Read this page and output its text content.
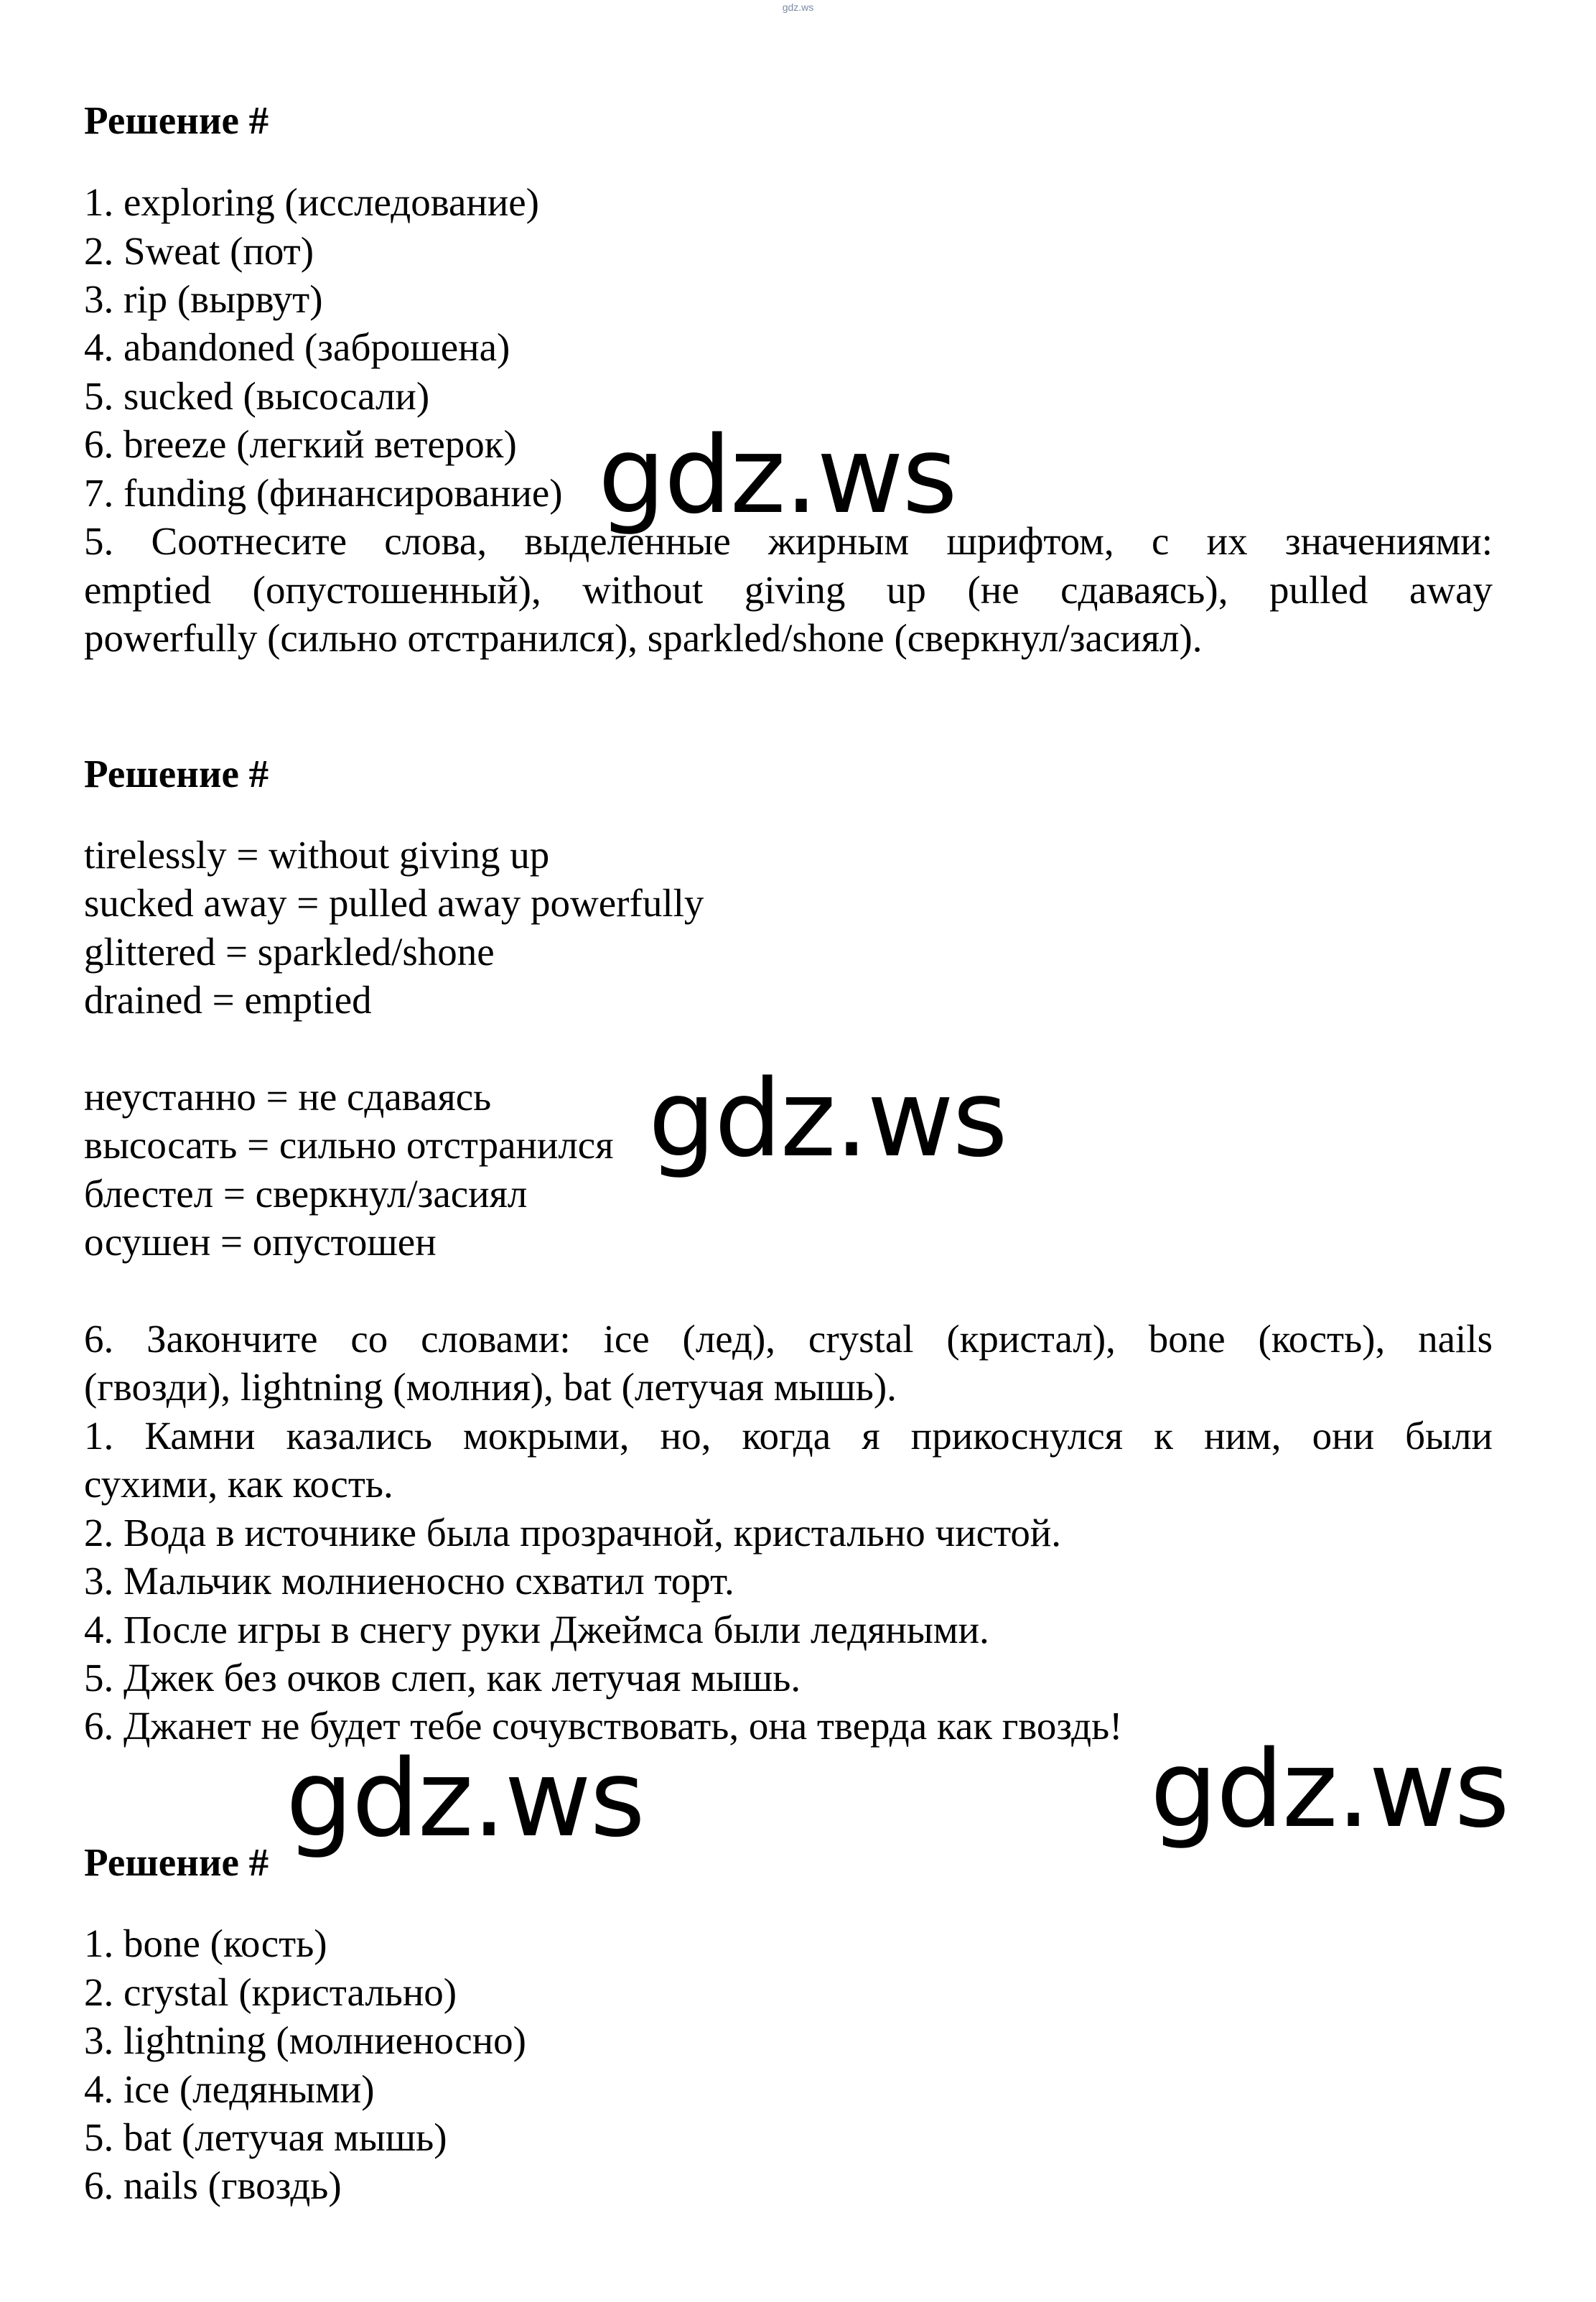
gdz.ws
Решение #
1. exploring (исследование)
2. Sweat (пот)
3. rip (вырвут)
4. abandoned (заброшена)
5. sucked (высосали)
6. breeze (легкий ветерок)
7. funding (финансирование)
5. Соотнесите слова, выделенные жирным шрифтом, с их значениями:
emptied (опустошенный), without giving up (не сдаваясь), pulled away
powerfully (сильно отстранился), sparkled/shone (сверкнул/засиял).
Решение #
tirelessly = without giving up
sucked away = pulled away powerfully
glittered = sparkled/shone
drained = emptied
неустанно = не сдаваясь
высосать = сильно отстранился
блестел = сверкнул/засиял
осушен = опустошен
6. Закончите со словами: ice (лед), crystal (кристал), bone (кость), nails
(гвозди), lightning (молния), bat (летучая мышь).
1. Камни казались мокрыми, но, когда я прикоснулся к ним, они были
сухими, как кость.
2. Вода в источнике была прозрачной, кристально чистой.
3. Мальчик молниеносно схватил торт.
4. После игры в снегу руки Джеймса были ледяными.
5. Джек без очков слеп, как летучая мышь.
6. Джанет не будет тебе сочувствовать, она тверда как гвоздь!
Решение #
1. bone (кость)
2. crystal (кристально)
3. lightning (молниеносно)
4. ice (ледяными)
5. bat (летучая мышь)
6. nails (гвоздь)
gdz.ws
gdz.ws
gdz.ws	gdz.ws
